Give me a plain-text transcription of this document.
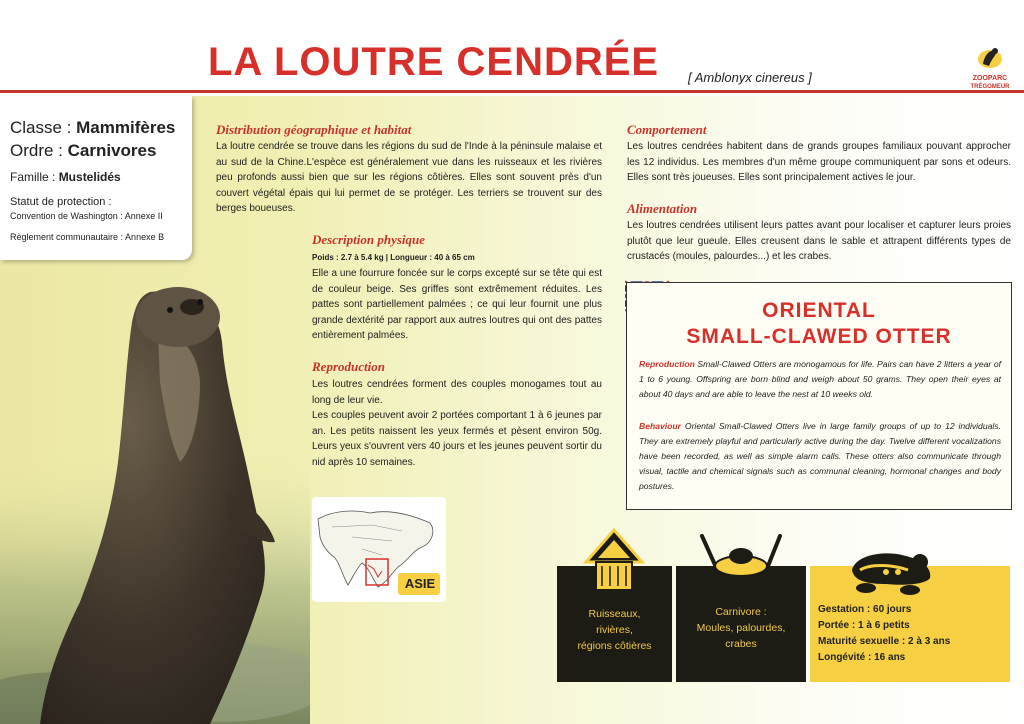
LA LOUTRE CENDRÉE [ Amblonyx cinereus ]	ZOOPARC
TRÉGOMEUR
Classe : Mammifères
Ordre : Carnivores
Famille : Mustelidés
Statut de protection :
Convention de Washington : Annexe II
Règlement communautaire : Annexe B
Distribution géographique et habitat
La loutre cendrée se trouve dans les régions du sud de l'Inde à la péninsule malaise et au sud de la Chine.L'espèce est généralement vue dans les ruisseaux et les rivières peu profonds aussi bien que sur les régions côtières. Elles sont souvent près d'un couvert végétal épais qui lui permet de se protéger. Les terriers se trouvent sur des berges boueuses.
Description physique
Poids : 2.7 à 5.4 kg | Longueur : 40 à 65 cm
Elle a une fourrure foncée sur le corps excepté sur se tête qui est de couleur beige. Ses griffes sont extrêmement réduites. Les pattes sont partiellement palmées ; ce qui leur fournit une plus grande dextérité par rapport aux autres loutres qui ont des pattes entièrement palmées.
Reproduction
Les loutres cendrées forment des couples monogames tout au long de leur vie.
Les couples peuvent avoir 2 portées comportant 1 à 6 jeunes par an. Les petits naissent les yeux fermés et pèsent environ 50g. Leurs yeux s'ouvrent vers 40 jours et les jeunes peuvent sortir du nid après 10 semaines.
ASIE
Comportement
Les loutres cendrées habitent dans de grands groupes familiaux pouvant approcher les 12 individus. Les membres d'un même groupe communiquent par sons et odeurs. Elles sont très joueuses. Elles sont principalement actives le jour.
Alimentation
Les loutres cendrées utilisent leurs pattes avant pour localiser et capturer leurs proies plutôt que leur gueule. Elles creusent dans le sable et attrapent différents types de crustacés (moules, palourdes...) et les crabes.
ORIENTAL
SMALL-CLAWED OTTER
Reproduction Small-Clawed Otters are monogamous for life. Pairs can have 2 litters a year of 1 to 6 young. Offspring are born blind and weigh about 50 grams. They open their eyes at about 40 days and are able to leave the nest at 10 weeks old.
Behaviour Oriental Small-Clawed Otters live in large family groups of up to 12 individuals. They are extremely playful and particularly active during the day. Twelve different vocalizations have been recorded, as well as simple alarm calls. These otters also communicate through visual, tactile and chemical signals such as communal cleaning, hormonal changes and body postures.
Ruisseaux,
rivières,
régions côtières
Carnivore :
Moules, palourdes,
crabes
Gestation : 60 jours
Portée : 1 à 6 petits
Maturité sexuelle : 2 à 3 ans
Longévité : 16 ans
